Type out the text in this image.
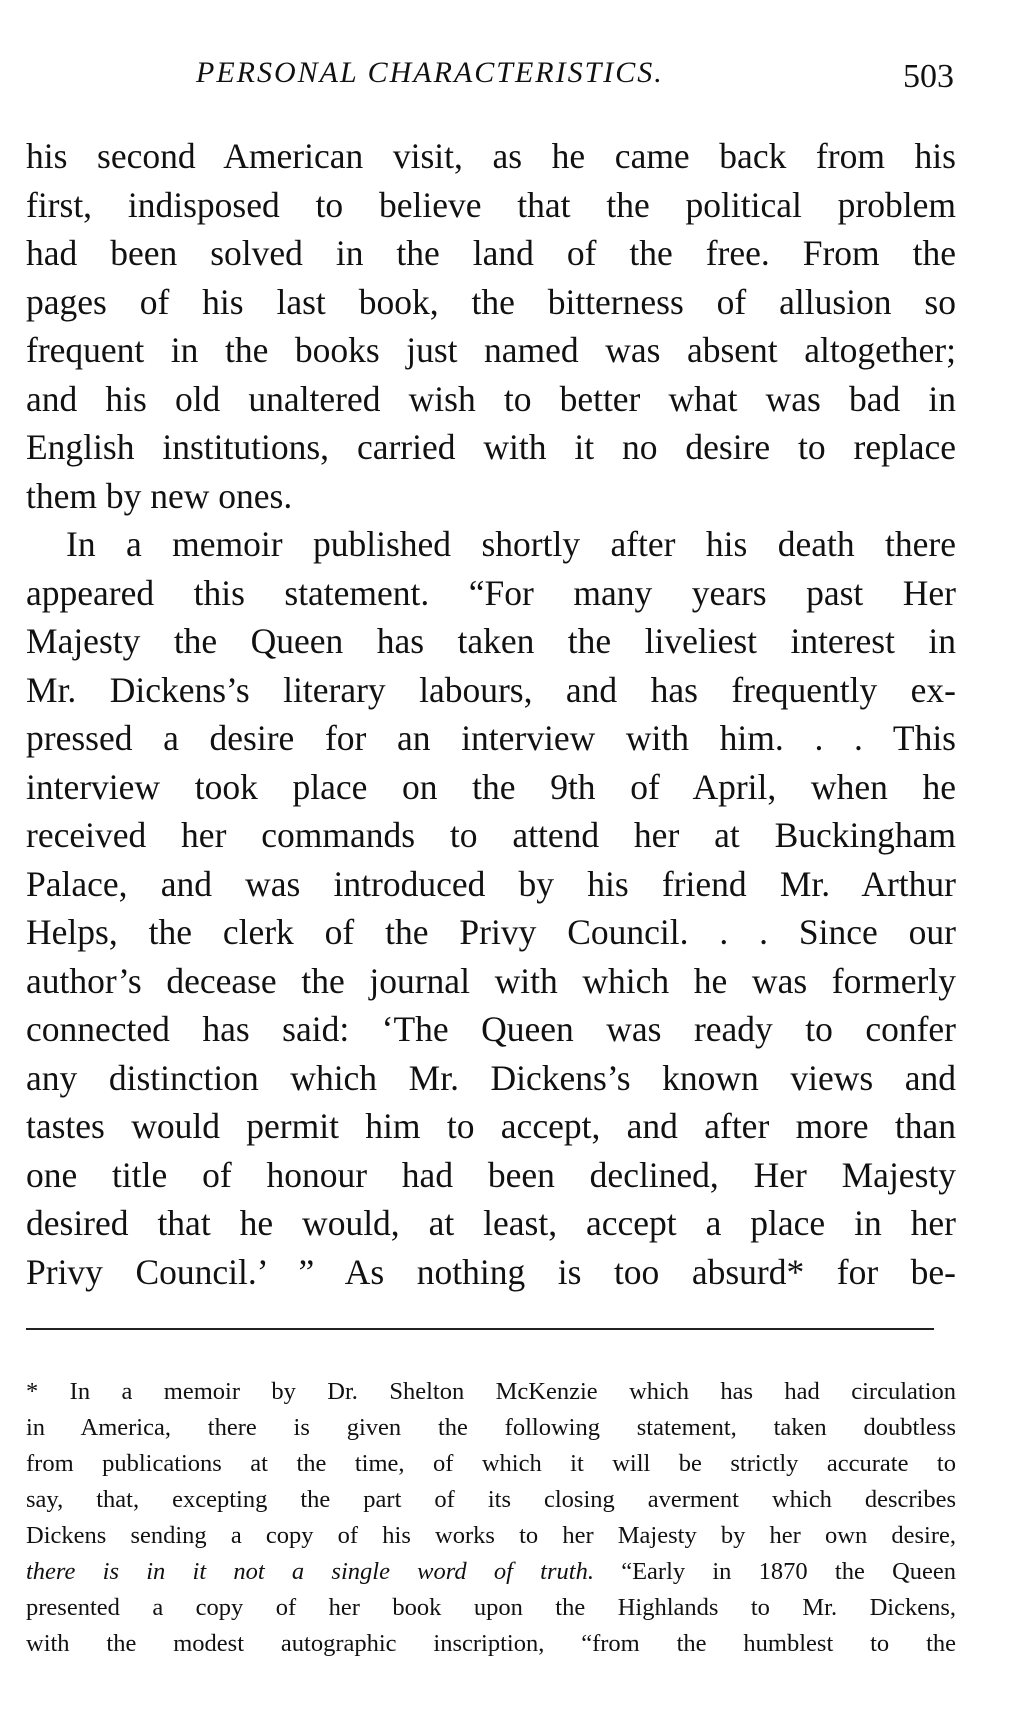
PERSONAL CHARACTERISTICS.	503
his second American visit, as he came back from his
first, indisposed to believe that the political problem
had been solved in the land of the free. From the
pages of his last book, the bitterness of allusion so
frequent in the books just named was absent altogether;
and his old unaltered wish to better what was bad in
English institutions, carried with it no desire to replace
them by new ones.
In a memoir published shortly after his death there
appeared this statement. “For many years past Her
Majesty the Queen has taken the liveliest interest in
Mr. Dickens’s literary labours, and has frequently ex-
pressed a desire for an interview with him. . . This
interview took place on the 9th of April, when he
received her commands to attend her at Buckingham
Palace, and was introduced by his friend Mr. Arthur
Helps, the clerk of the Privy Council. . . Since our
author’s decease the journal with which he was formerly
connected has said: ‘The Queen was ready to confer
any distinction which Mr. Dickens’s known views and
tastes would permit him to accept, and after more than
one title of honour had been declined, Her Majesty
desired that he would, at least, accept a place in her
Privy Council.’ ” As nothing is too absurd* for be-
* In a memoir by Dr. Shelton McKenzie which has had circulation
in America, there is given the following statement, taken doubtless
from publications at the time, of which it will be strictly accurate to
say, that, excepting the part of its closing averment which describes
Dickens sending a copy of his works to her Majesty by her own desire,
there is in it not a single word of truth. “Early in 1870 the Queen
presented a copy of her book upon the Highlands to Mr. Dickens,
with the modest autographic inscription, “from the humblest to the
